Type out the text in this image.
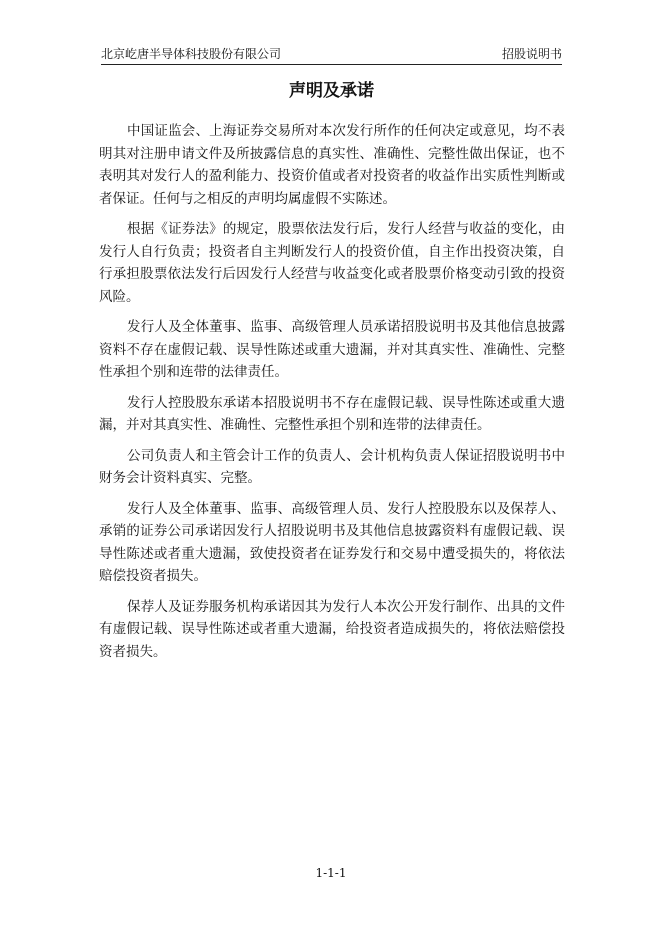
北京屹唐半导体科技股份有限公司	招股说明书
声明及承诺

中国证监会、上海证券交易所对本次发行所作的任何决定或意见，均不表明其对注册申请文件及所披露信息的真实性、准确性、完整性做出保证，也不表明其对发行人的盈利能力、投资价值或者对投资者的收益作出实质性判断或者保证。任何与之相反的声明均属虚假不实陈述。

根据《证券法》的规定，股票依法发行后，发行人经营与收益的变化，由发行人自行负责；投资者自主判断发行人的投资价值，自主作出投资决策，自行承担股票依法发行后因发行人经营与收益变化或者股票价格变动引致的投资风险。

发行人及全体董事、监事、高级管理人员承诺招股说明书及其他信息披露资料不存在虚假记载、误导性陈述或重大遗漏，并对其真实性、准确性、完整性承担个别和连带的法律责任。

发行人控股股东承诺本招股说明书不存在虚假记载、误导性陈述或重大遗漏，并对其真实性、准确性、完整性承担个别和连带的法律责任。

公司负责人和主管会计工作的负责人、会计机构负责人保证招股说明书中财务会计资料真实、完整。

发行人及全体董事、监事、高级管理人员、发行人控股股东以及保荐人、承销的证券公司承诺因发行人招股说明书及其他信息披露资料有虚假记载、误导性陈述或者重大遗漏，致使投资者在证券发行和交易中遭受损失的，将依法赔偿投资者损失。

保荐人及证券服务机构承诺因其为发行人本次公开发行制作、出具的文件有虚假记载、误导性陈述或者重大遗漏，给投资者造成损失的，将依法赔偿投资者损失。

1-1-1
